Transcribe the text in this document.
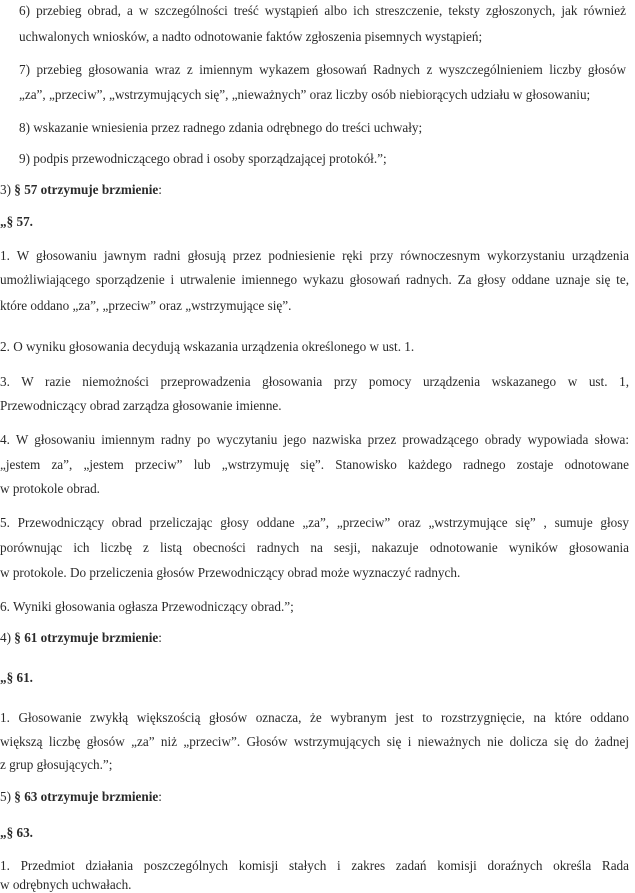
6) przebieg obrad, a w szczególności treść wystąpień albo ich streszczenie, teksty zgłoszonych, jak również
uchwalonych wniosków, a nadto odnotowanie faktów zgłoszenia pisemnych wystąpień;
7) przebieg głosowania wraz z imiennym wykazem głosowań Radnych z wyszczególnieniem liczby głosów
„za”, „przeciw”, „wstrzymujących się”, „nieważnych” oraz liczby osób niebiorących udziału w głosowaniu;
8) wskazanie wniesienia przez radnego zdania odrębnego do treści uchwały;
9) podpis przewodniczącego obrad i osoby sporządzającej protokół.”;
3) § 57 otrzymuje brzmienie:
„§ 57.
1. W głosowaniu jawnym radni głosują przez podniesienie ręki przy równoczesnym wykorzystaniu urządzenia
umożliwiającego sporządzenie i utrwalenie imiennego wykazu głosowań radnych. Za głosy oddane uznaje się te,
które oddano „za”, „przeciw” oraz „wstrzymujące się”.
2. O wyniku głosowania decydują wskazania urządzenia określonego w ust. 1.
3. W razie niemożności przeprowadzenia głosowania przy pomocy urządzenia wskazanego w ust. 1,
Przewodniczący obrad zarządza głosowanie imienne.
4. W głosowaniu imiennym radny po wyczytaniu jego nazwiska przez prowadzącego obrady wypowiada słowa:
„jestem za”, „jestem przeciw” lub „wstrzymuję się”. Stanowisko każdego radnego zostaje odnotowane
w protokole obrad.
5. Przewodniczący obrad przeliczając głosy oddane „za”, „przeciw” oraz „wstrzymujące się” , sumuje głosy
porównując ich liczbę z listą obecności radnych na sesji, nakazuje odnotowanie wyników głosowania
w protokole. Do przeliczenia głosów Przewodniczący obrad może wyznaczyć radnych.
6. Wyniki głosowania ogłasza Przewodniczący obrad.”;
4) § 61 otrzymuje brzmienie:
„§ 61.
1. Głosowanie zwykłą większością głosów oznacza, że wybranym jest to rozstrzygnięcie, na które oddano
większą liczbę głosów „za” niż „przeciw”. Głosów wstrzymujących się i nieważnych nie dolicza się do żadnej
z grup głosujących.”;
5) § 63 otrzymuje brzmienie:
„§ 63.
1. Przedmiot działania poszczególnych komisji stałych i zakres zadań komisji doraźnych określa Rada
w odrębnych uchwałach.
